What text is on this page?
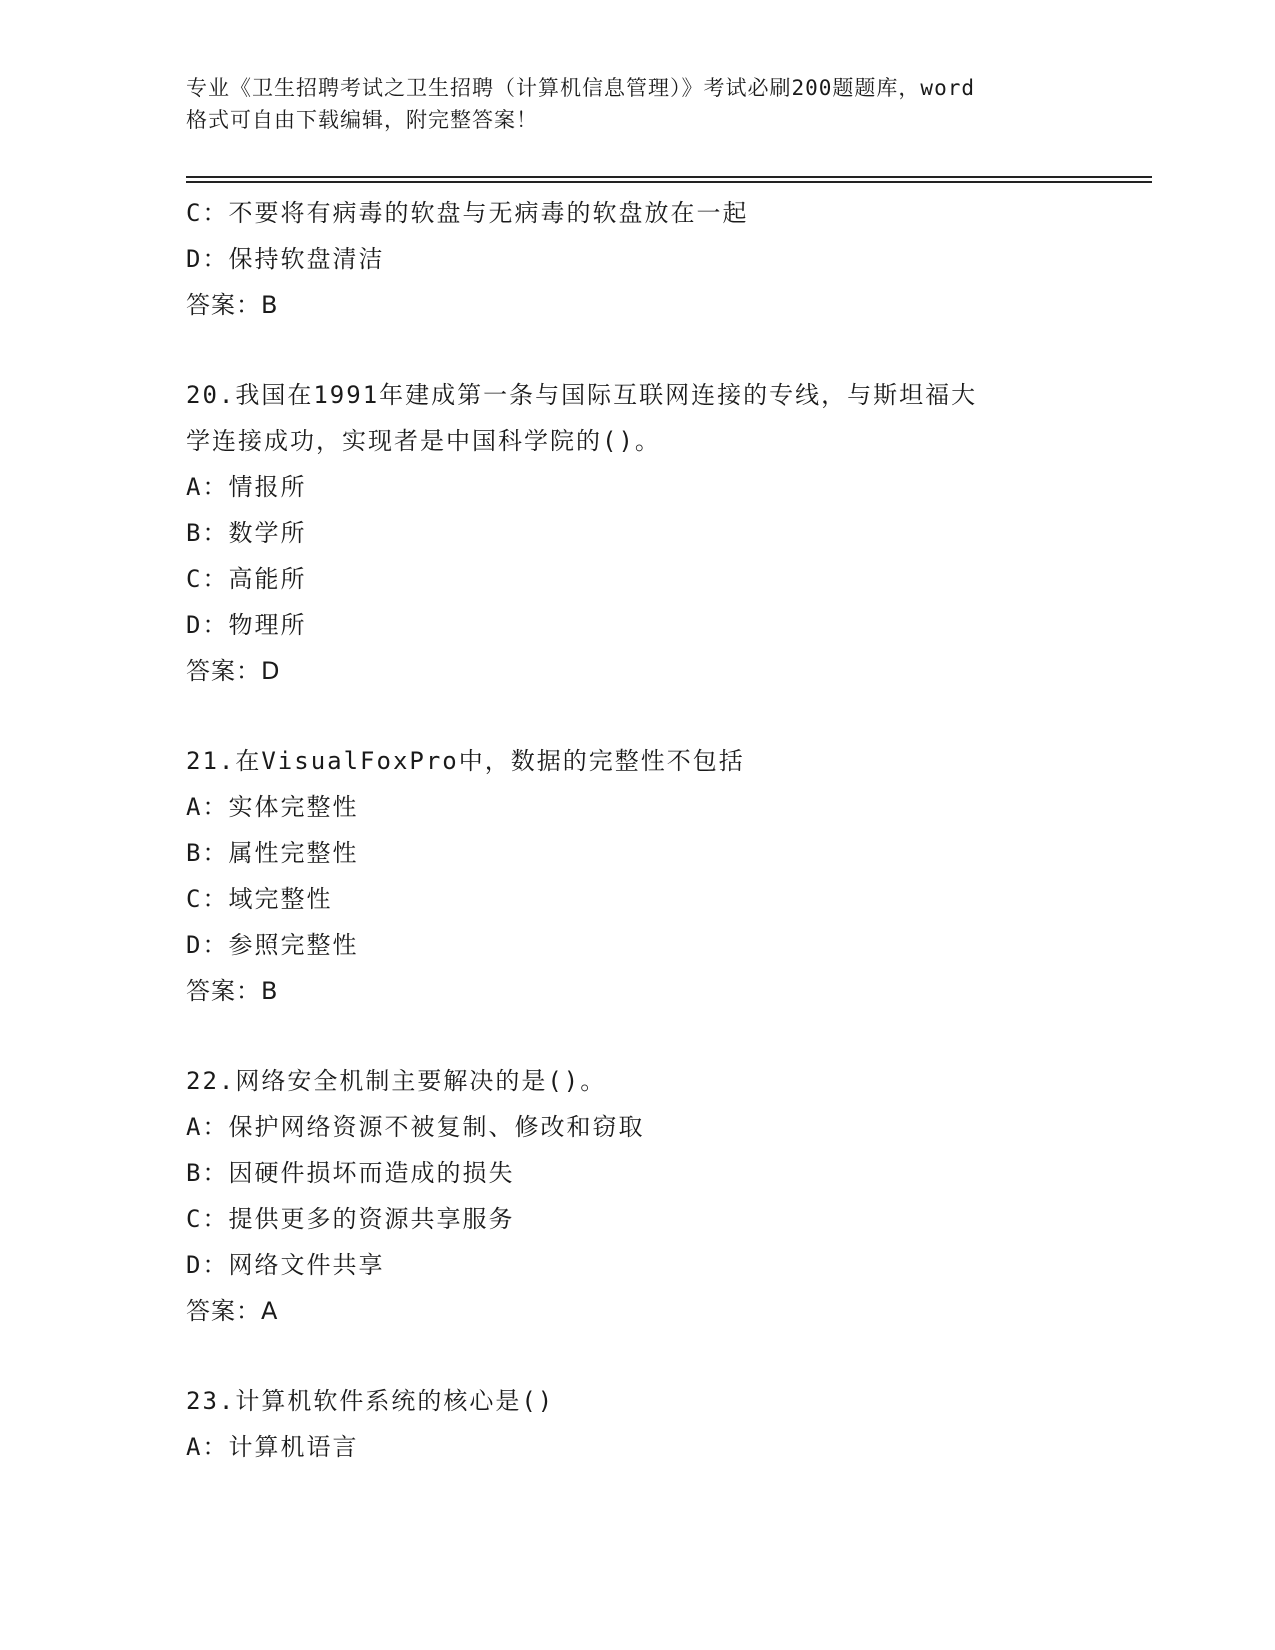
专业《卫生招聘考试之卫生招聘（计算机信息管理）》考试必刷200题题库，word
格式可自由下载编辑，附完整答案！
C：不要将有病毒的软盘与无病毒的软盘放在一起
D：保持软盘清洁
答案：B
20.我国在1991年建成第一条与国际互联网连接的专线，与斯坦福大
学连接成功，实现者是中国科学院的()。
A：情报所
B：数学所
C：高能所
D：物理所
答案：D
21.在VisualFoxPro中，数据的完整性不包括
A：实体完整性
B：属性完整性
C：域完整性
D：参照完整性
答案：B
22.网络安全机制主要解决的是()。
A：保护网络资源不被复制、修改和窃取
B：因硬件损坏而造成的损失
C：提供更多的资源共享服务
D：网络文件共享
答案：A
23.计算机软件系统的核心是()
A：计算机语言
